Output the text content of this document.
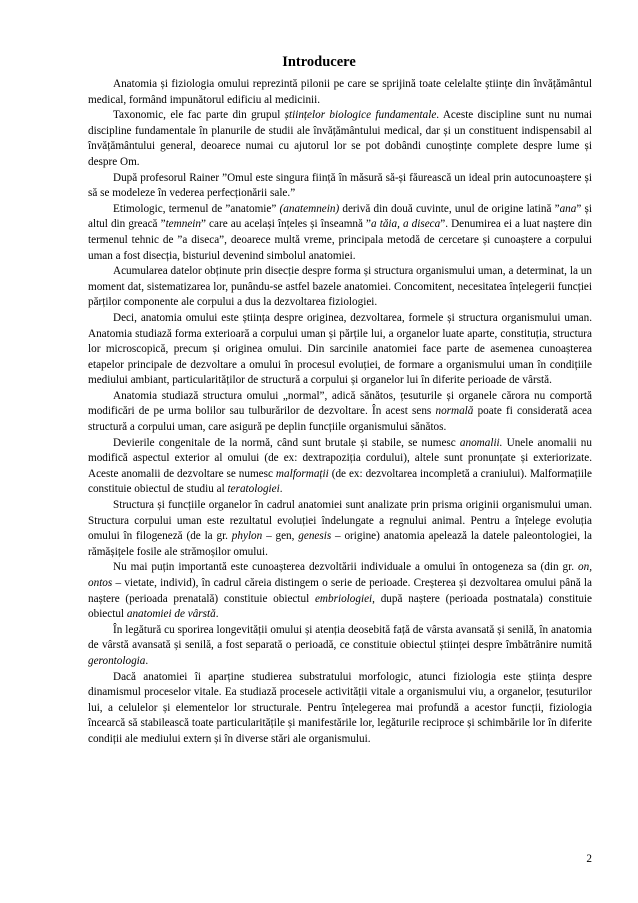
Introducere

Anatomia și fiziologia omului reprezintă pilonii pe care se sprijină toate celelalte științe din învățământul medical, formând impunătorul edificiu al medicinii.

Taxonomic, ele fac parte din grupul științelor biologice fundamentale. Aceste discipline sunt nu numai discipline fundamentale în planurile de studii ale învățământului medical, dar și un constituent indispensabil al învățământului general, deoarece numai cu ajutorul lor se pot dobândi cunoștințe complete despre lume și despre Om.

După profesorul Rainer ”Omul este singura ființă în măsură să-și făurească un ideal prin autocunoaștere și să se modeleze în vederea perfecționării sale.”

Etimologic, termenul de ”anatomie” (anatemnein) derivă din două cuvinte, unul de origine latină ”ana” și altul din greacă ”temnein” care au același înțeles și înseamnă ”a tăia, a diseca”. Denumirea ei a luat naștere din termenul tehnic de ”a diseca”, deoarece multă vreme, principala metodă de cercetare și cunoaștere a corpului uman a fost disecția, bisturiul devenind simbolul anatomiei.

Acumularea datelor obținute prin disecție despre forma și structura organismului uman, a determinat, la un moment dat, sistematizarea lor, punându-se astfel bazele anatomiei. Concomitent, necesitatea înțelegerii funcției părților componente ale corpului a dus la dezvoltarea fiziologiei.

Deci, anatomia omului este știința despre originea, dezvoltarea, formele și structura organismului uman. Anatomia studiază forma exterioară a corpului uman și părțile lui, a organelor luate aparte, constituția, structura lor microscopică, precum și originea omului. Din sarcinile anatomiei face parte de asemenea cunoașterea etapelor principale de dezvoltare a omului în procesul evoluției, de formare a organismului uman în condițiile mediului ambiant, particularităților de structură a corpului și organelor lui în diferite perioade de vârstă.

Anatomia studiază structura omului „normal”, adică sănătos, țesuturile și organele cărora nu comportă modificări de pe urma bolilor sau tulburărilor de dezvoltare. În acest sens normală poate fi considerată acea structură a corpului uman, care asigură pe deplin funcțiile organismului sănătos.

Devierile congenitale de la normă, când sunt brutale și stabile, se numesc anomalii. Unele anomalii nu modifică aspectul exterior al omului (de ex: dextrapoziția cordului), altele sunt pronunțate și exteriorizate. Aceste anomalii de dezvoltare se numesc malformații (de ex: dezvoltarea incompletă a craniului). Malformațiile constituie obiectul de studiu al teratologiei.

Structura și funcțiile organelor în cadrul anatomiei sunt analizate prin prisma originii organismului uman. Structura corpului uman este rezultatul evoluției îndelungate a regnului animal. Pentru a înțelege evoluția omului în filogeneză (de la gr. phylon – gen, genesis – origine) anatomia apelează la datele paleontologiei, la rămășițele fosile ale strămoșilor omului.

Nu mai puțin importantă este cunoașterea dezvoltării individuale a omului în ontogeneza sa (din gr. on, ontos – vietate, individ), în cadrul căreia distingem o serie de perioade. Creșterea și dezvoltarea omului până la naștere (perioada prenatală) constituie obiectul embriologiei, după naștere (perioada postnatala) constituie obiectul anatomiei de vârstă.

În legătură cu sporirea longevității omului și atenția deosebită față de vârsta avansată și senilă, în anatomia de vârstă avansată și senilă, a fost separată o perioadă, ce constituie obiectul științei despre îmbătrânire numită gerontologia.

Dacă anatomiei îi aparține studierea substratului morfologic, atunci fiziologia este știința despre dinamismul proceselor vitale. Ea studiază procesele activității vitale a organismului viu, a organelor, țesuturilor lui, a celulelor și elementelor lor structurale. Pentru înțelegerea mai profundă a acestor funcții, fiziologia încearcă să stabilească toate particularitățile și manifestările lor, legăturile reciproce și schimbările lor în diferite condiții ale mediului extern și în diverse stări ale organismului.

2
